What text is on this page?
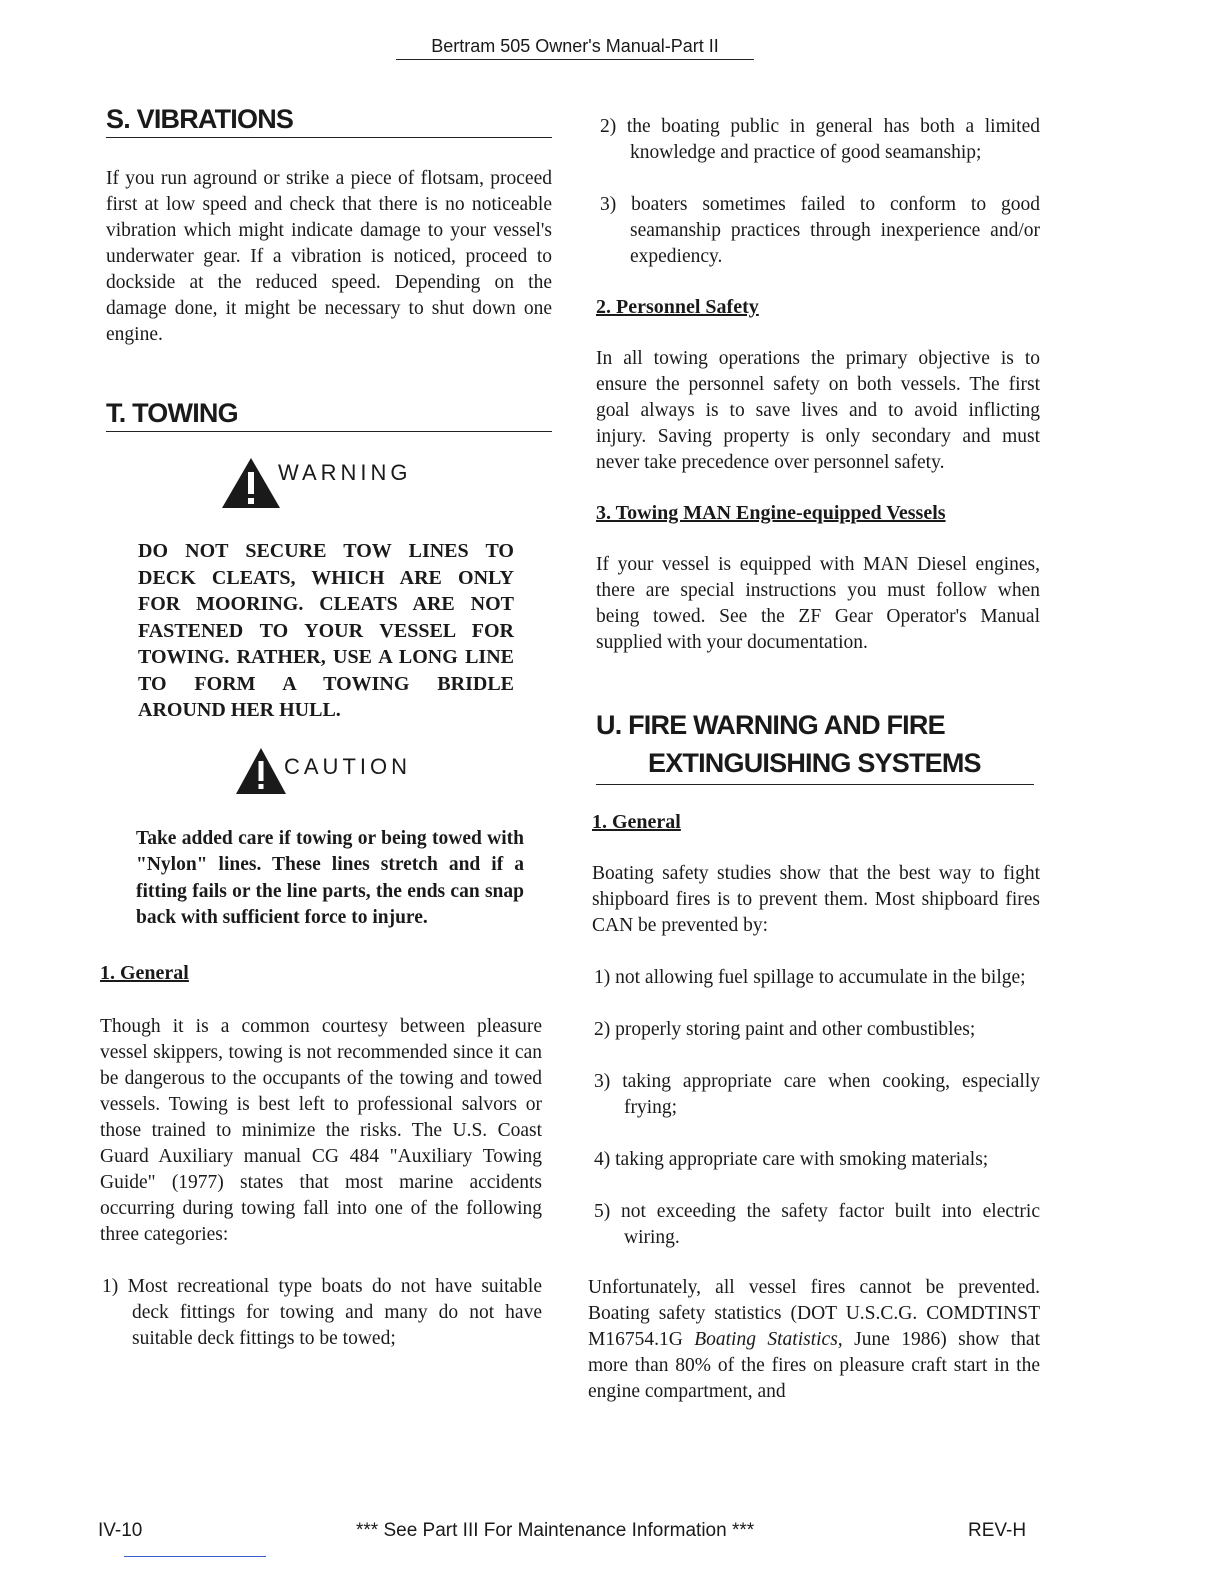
Bertram 505 Owner's Manual-Part II
S. VIBRATIONS

If you run aground or strike a piece of flotsam, proceed first at low speed and check that there is no noticeable vibration which might indicate damage to your vessel's underwater gear. If a vibration is noticed, proceed to dockside at the reduced speed. Depending on the damage done, it might be necessary to shut down one engine.

T. TOWING
WARNING

DO NOT SECURE TOW LINES TO DECK CLEATS, WHICH ARE ONLY FOR MOORING. CLEATS ARE NOT FASTENED TO YOUR VESSEL FOR TOWING. RATHER, USE A LONG LINE TO FORM A TOWING BRIDLE AROUND HER HULL.

CAUTION

Take added care if towing or being towed with "Nylon" lines. These lines stretch and if a fitting fails or the line parts, the ends can snap back with sufficient force to injure.

1. General

Though it is a common courtesy between pleasure vessel skippers, towing is not recommended since it can be dangerous to the occupants of the towing and towed vessels. Towing is best left to professional salvors or those trained to minimize the risks. The U.S. Coast Guard Auxiliary manual CG 484 "Auxiliary Towing Guide" (1977) states that most marine accidents occurring during towing fall into one of the following three categories:

1) Most recreational type boats do not have suitable deck fittings for towing and many do not have suitable deck fittings to be towed;

2) the boating public in general has both a limited knowledge and practice of good seamanship;

3) boaters sometimes failed to conform to good seamanship practices through inexperience and/or expediency.

2. Personnel Safety

In all towing operations the primary objective is to ensure the personnel safety on both vessels. The first goal always is to save lives and to avoid inflicting injury. Saving property is only secondary and must never take precedence over personnel safety.

3. Towing MAN Engine-equipped Vessels

If your vessel is equipped with MAN Diesel engines, there are special instructions you must follow when being towed. See the ZF Gear Operator's Manual supplied with your documentation.

U. FIRE WARNING AND FIRE
EXTINGUISHING SYSTEMS

1. General

Boating safety studies show that the best way to fight shipboard fires is to prevent them. Most shipboard fires CAN be prevented by:

1) not allowing fuel spillage to accumulate in the bilge;

2) properly storing paint and other combustibles;

3) taking appropriate care when cooking, especially frying;

4) taking appropriate care with smoking materials;

5) not exceeding the safety factor built into electric wiring.

Unfortunately, all vessel fires cannot be prevented. Boating safety statistics (DOT U.S.C.G. COMDTINST M16754.1G Boating Statistics, June 1986) show that more than 80% of the fires on pleasure craft start in the engine compartment, and

IV-10	*** See Part III For Maintenance Information ***	REV-H
